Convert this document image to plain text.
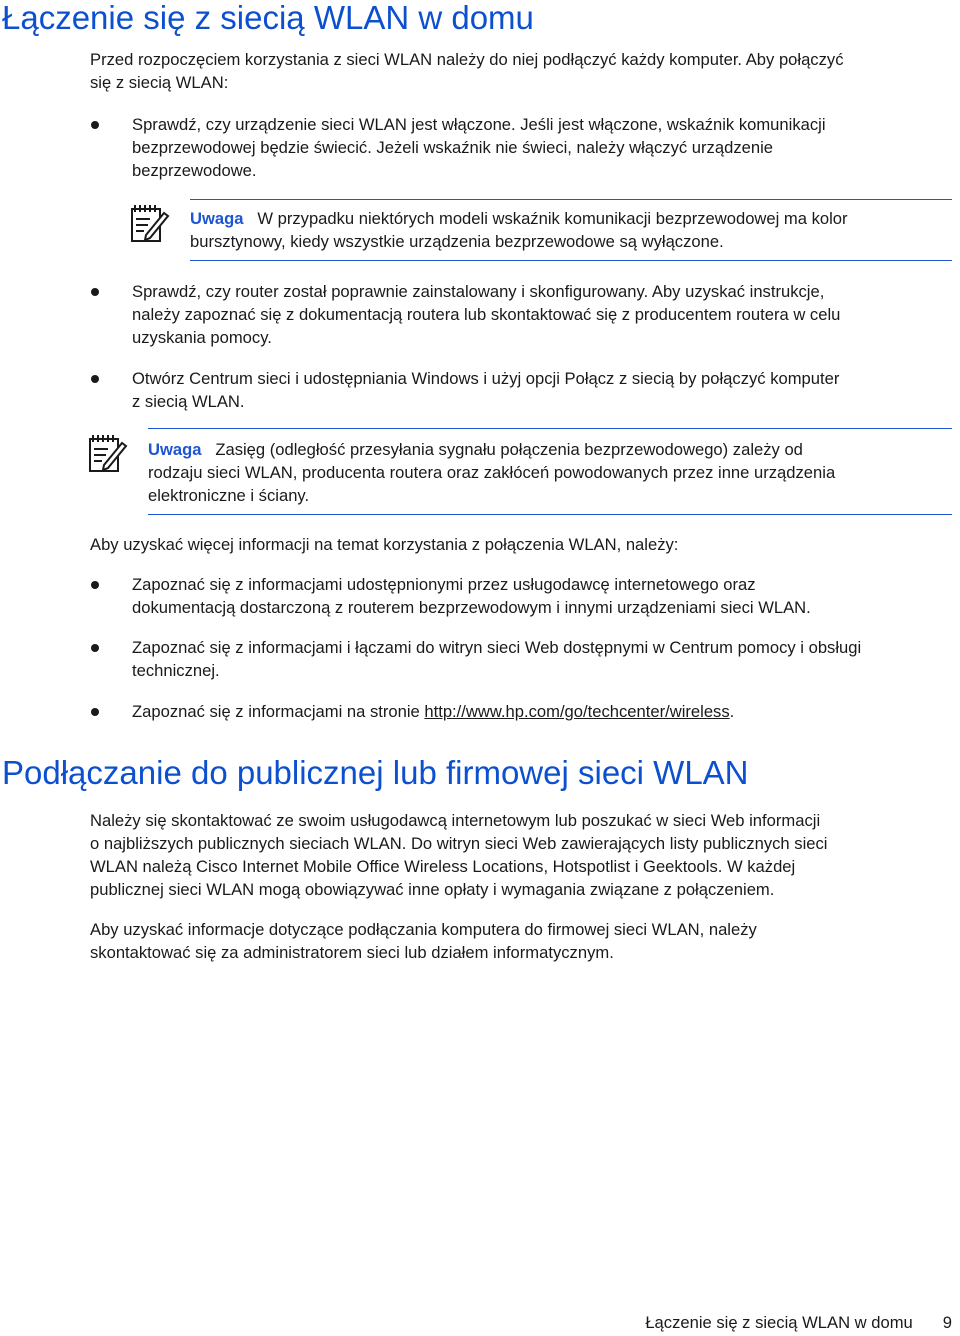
Łączenie się z siecią WLAN w domu

Przed rozpoczęciem korzystania z sieci WLAN należy do niej podłączyć każdy komputer. Aby połączyć
się z siecią WLAN:

Sprawdź, czy urządzenie sieci WLAN jest włączone. Jeśli jest włączone, wskaźnik komunikacji
bezprzewodowej będzie świecić. Jeżeli wskaźnik nie świeci, należy włączyć urządzenie
bezprzewodowe.

Uwaga W przypadku niektórych modeli wskaźnik komunikacji bezprzewodowej ma kolor
bursztynowy, kiedy wszystkie urządzenia bezprzewodowe są wyłączone.

Sprawdź, czy router został poprawnie zainstalowany i skonfigurowany. Aby uzyskać instrukcje,
należy zapoznać się z dokumentacją routera lub skontaktować się z producentem routera w celu
uzyskania pomocy.

Otwórz Centrum sieci i udostępniania Windows i użyj opcji Połącz z siecią by połączyć komputer
z siecią WLAN.

Uwaga Zasięg (odległość przesyłania sygnału połączenia bezprzewodowego) zależy od
rodzaju sieci WLAN, producenta routera oraz zakłóceń powodowanych przez inne urządzenia
elektroniczne i ściany.

Aby uzyskać więcej informacji na temat korzystania z połączenia WLAN, należy:

Zapoznać się z informacjami udostępnionymi przez usługodawcę internetowego oraz
dokumentacją dostarczoną z routerem bezprzewodowym i innymi urządzeniami sieci WLAN.

Zapoznać się z informacjami i łączami do witryn sieci Web dostępnymi w Centrum pomocy i obsługi
technicznej.

Zapoznać się z informacjami na stronie http://www.hp.com/go/techcenter/wireless.

Podłączanie do publicznej lub firmowej sieci WLAN

Należy się skontaktować ze swoim usługodawcą internetowym lub poszukać w sieci Web informacji
o najbliższych publicznych sieciach WLAN. Do witryn sieci Web zawierających listy publicznych sieci
WLAN należą Cisco Internet Mobile Office Wireless Locations, Hotspotlist i Geektools. W każdej
publicznej sieci WLAN mogą obowiązywać inne opłaty i wymagania związane z połączeniem.

Aby uzyskać informacje dotyczące podłączania komputera do firmowej sieci WLAN, należy
skontaktować się za administratorem sieci lub działem informatycznym.

Łączenie się z siecią WLAN w domu 9
